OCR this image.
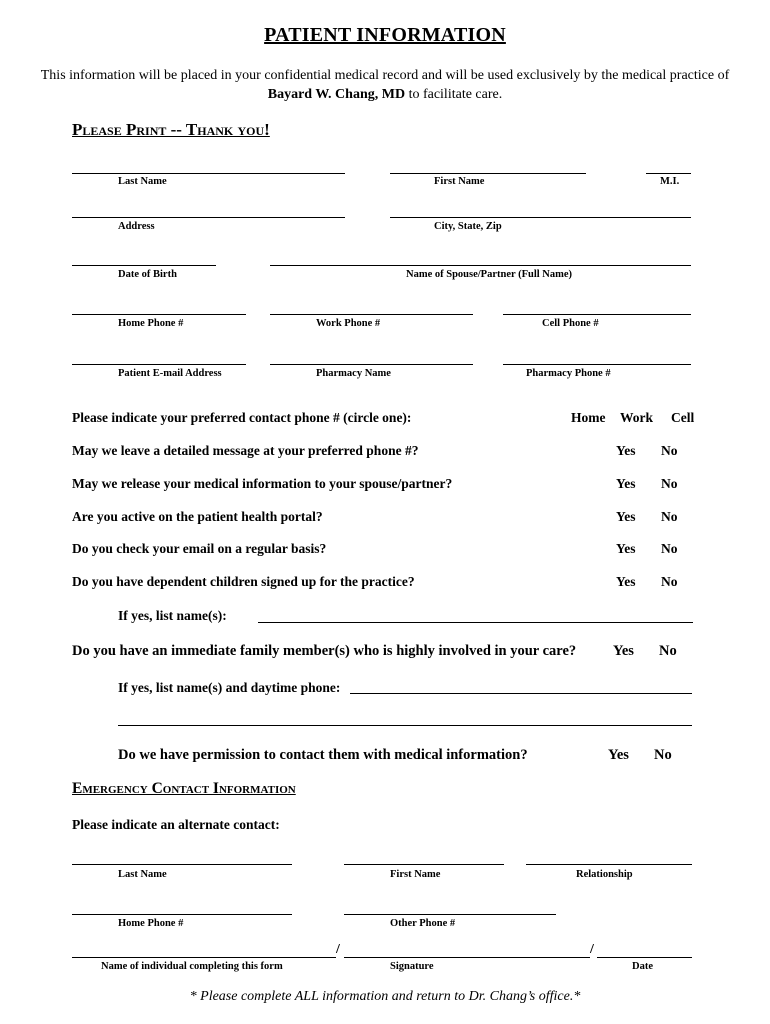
PATIENT INFORMATION
This information will be placed in your confidential medical record and will be used exclusively by the medical practice of Bayard W. Chang, MD to facilitate care.
Please Print -- Thank you!
Last Name	First Name	M.I.
Address	City, State, Zip
Date of Birth	Name of Spouse/Partner (Full Name)
Home Phone #	Work Phone #	Cell Phone #
Patient E-mail Address	Pharmacy Name	Pharmacy Phone #
Please indicate your preferred contact phone # (circle one):	Home Work Cell
May we leave a detailed message at your preferred phone #?	Yes No
May we release your medical information to your spouse/partner?	Yes No
Are you active on the patient health portal?	Yes No
Do you check your email on a regular basis?	Yes No
Do you have dependent children signed up for the practice?	Yes No
If yes, list name(s):
Do you have an immediate family member(s) who is highly involved in your care?	Yes No
If yes, list name(s) and daytime phone:
Do we have permission to contact them with medical information?	Yes No
Emergency Contact Information
Please indicate an alternate contact:
Last Name	First Name	Relationship
Home Phone #	Other Phone #
/	/
Name of individual completing this form	Signature	Date
* Please complete ALL information and return to Dr. Chang’s office.*
